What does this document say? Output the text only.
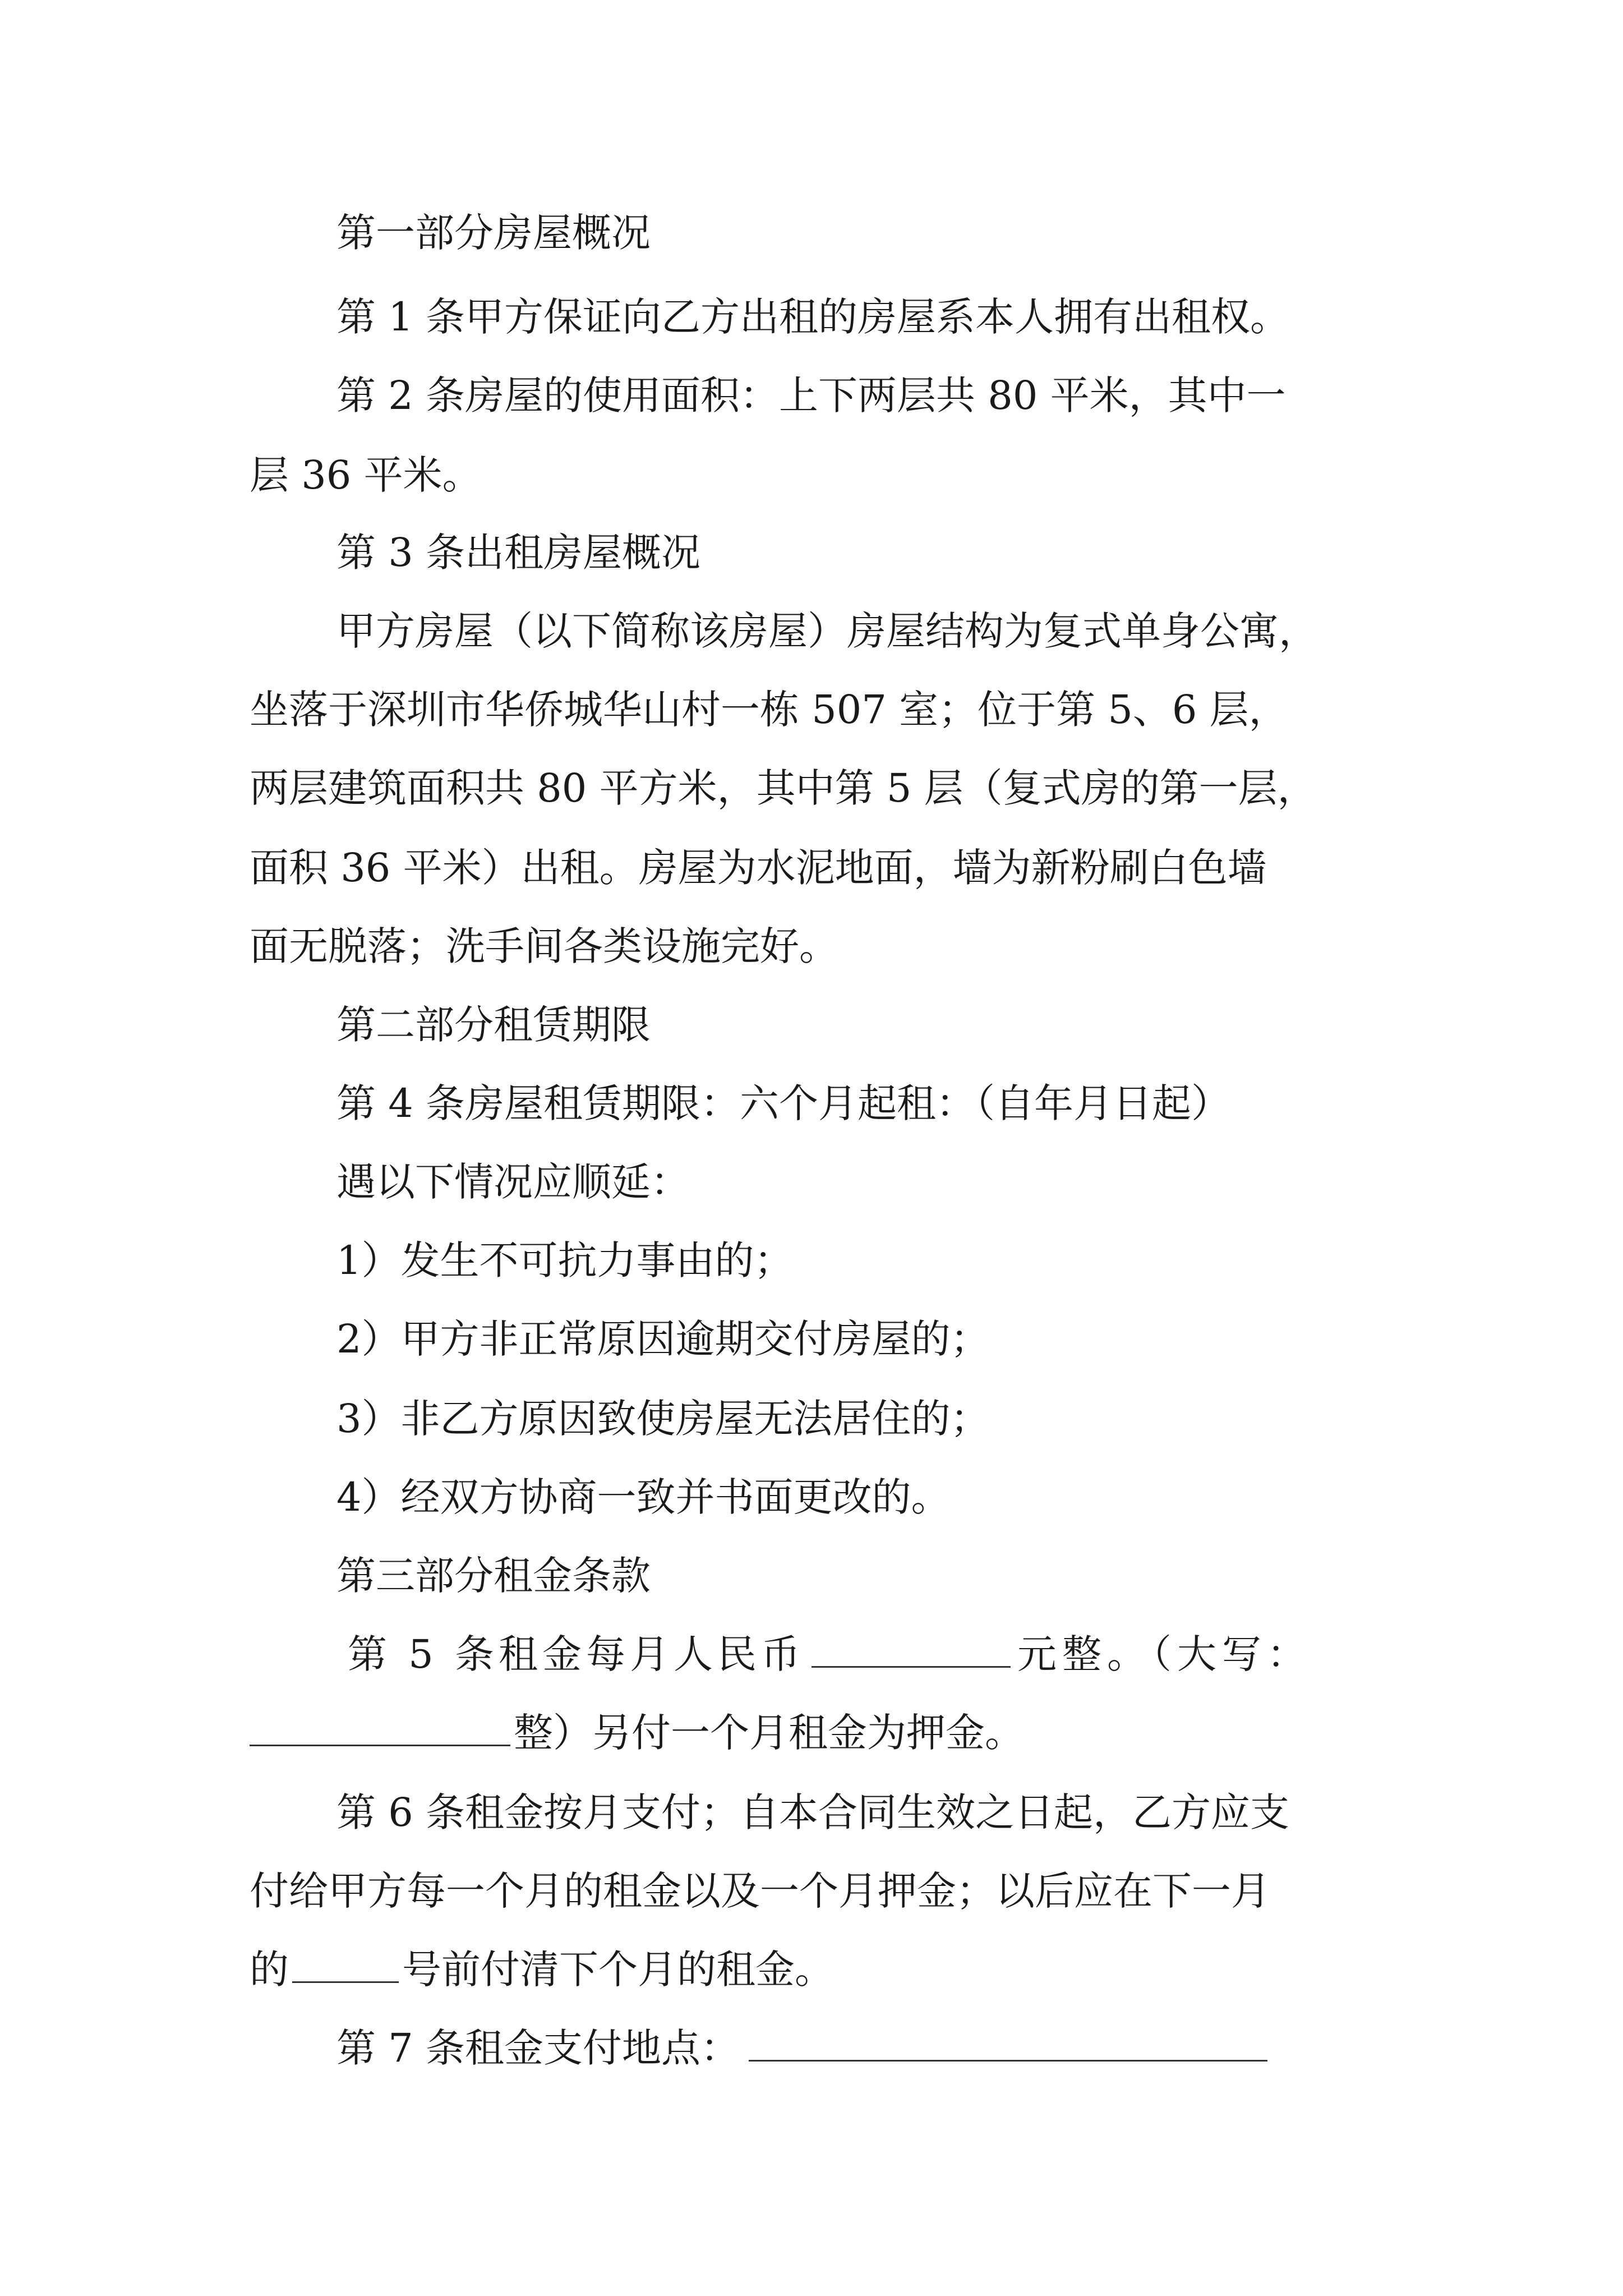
第一部分房屋概况
第 1 条甲方保证向乙方出租的房屋系本人拥有出租权。
第 2 条房屋的使用面积：上下两层共 80 平米，其中一
层 36 平米。
第 3 条出租房屋概况
甲方房屋（以下简称该房屋）房屋结构为复式单身公寓，
坐落于深圳市华侨城华山村一栋 507 室；位于第 5、6 层，
两层建筑面积共 80 平方米，其中第 5 层（复式房的第一层，
面积 36 平米）出租。房屋为水泥地面，墙为新粉刷白色墙
面无脱落；洗手间各类设施完好。
第二部分租赁期限
第 4 条房屋租赁期限：六个月起租：（自年月日起）
遇以下情况应顺延：
1）发生不可抗力事由的；
2）甲方非正常原因逾期交付房屋的；
3）非乙方原因致使房屋无法居住的；
4）经双方协商一致并书面更改的。
第三部分租金条款
第 5 条租金每月人民币	元整。（大写：
整）另付一个月租金为押金。
第 6 条租金按月支付；自本合同生效之日起，乙方应支
付给甲方每一个月的租金以及一个月押金；以后应在下一月
的	号前付清下个月的租金。
第 7 条租金支付地点：
